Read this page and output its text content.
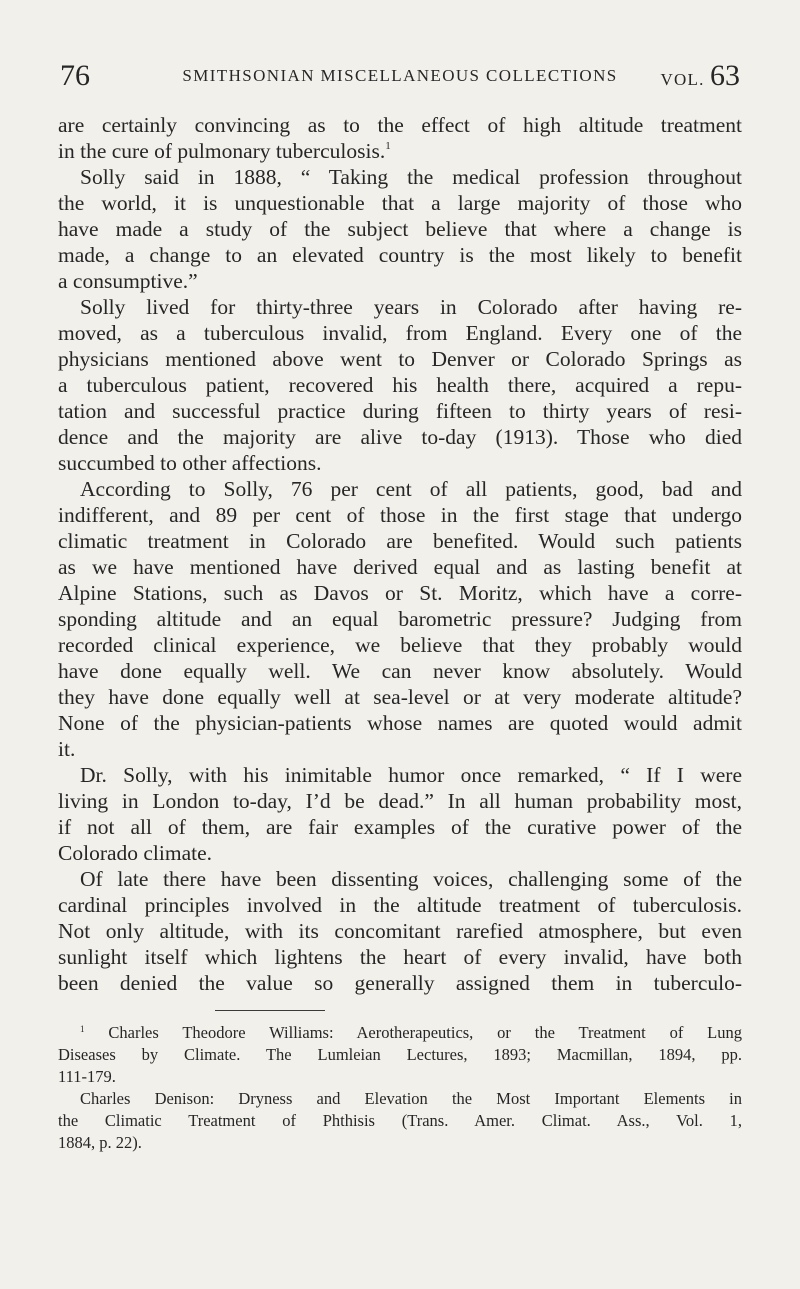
76	SMITHSONIAN MISCELLANEOUS COLLECTIONS	VOL. 63
are certainly convincing as to the effect of high altitude treatment
in the cure of pulmonary tuberculosis.$^1$
Solly said in 1888, “ Taking the medical profession throughout
the world, it is unquestionable that a large majority of those who
have made a study of the subject believe that where a change is
made, a change to an elevated country is the most likely to benefit
a consumptive.”
Solly lived for thirty-three years in Colorado after having re-
moved, as a tuberculous invalid, from England. Every one of the
physicians mentioned above went to Denver or Colorado Springs as
a tuberculous patient, recovered his health there, acquired a repu-
tation and successful practice during fifteen to thirty years of resi-
dence and the majority are alive to-day (1913). Those who died
succumbed to other affections.
According to Solly, 76 per cent of all patients, good, bad and
indifferent, and 89 per cent of those in the first stage that undergo
climatic treatment in Colorado are benefited. Would such patients
as we have mentioned have derived equal and as lasting benefit at
Alpine Stations, such as Davos or St. Moritz, which have a corre-
sponding altitude and an equal barometric pressure? Judging from
recorded clinical experience, we believe that they probably would
have done equally well. We can never know absolutely. Would
they have done equally well at sea-level or at very moderate altitude?
None of the physician-patients whose names are quoted would admit
it.
Dr. Solly, with his inimitable humor once remarked, “ If I were
living in London to-day, I’d be dead.” In all human probability most,
if not all of them, are fair examples of the curative power of the
Colorado climate.
Of late there have been dissenting voices, challenging some of the
cardinal principles involved in the altitude treatment of tuberculosis.
Not only altitude, with its concomitant rarefied atmosphere, but even
sunlight itself which lightens the heart of every invalid, have both
been denied the value so generally assigned them in tuberculo-
$^1$ Charles Theodore Williams: Aerotherapeutics, or the Treatment of Lung
Diseases by Climate. The Lumleian Lectures, 1893; Macmillan, 1894, pp.
111-179.
Charles Denison: Dryness and Elevation the Most Important Elements in
the Climatic Treatment of Phthisis (Trans. Amer. Climat. Ass., Vol. 1,
1884, p. 22).
